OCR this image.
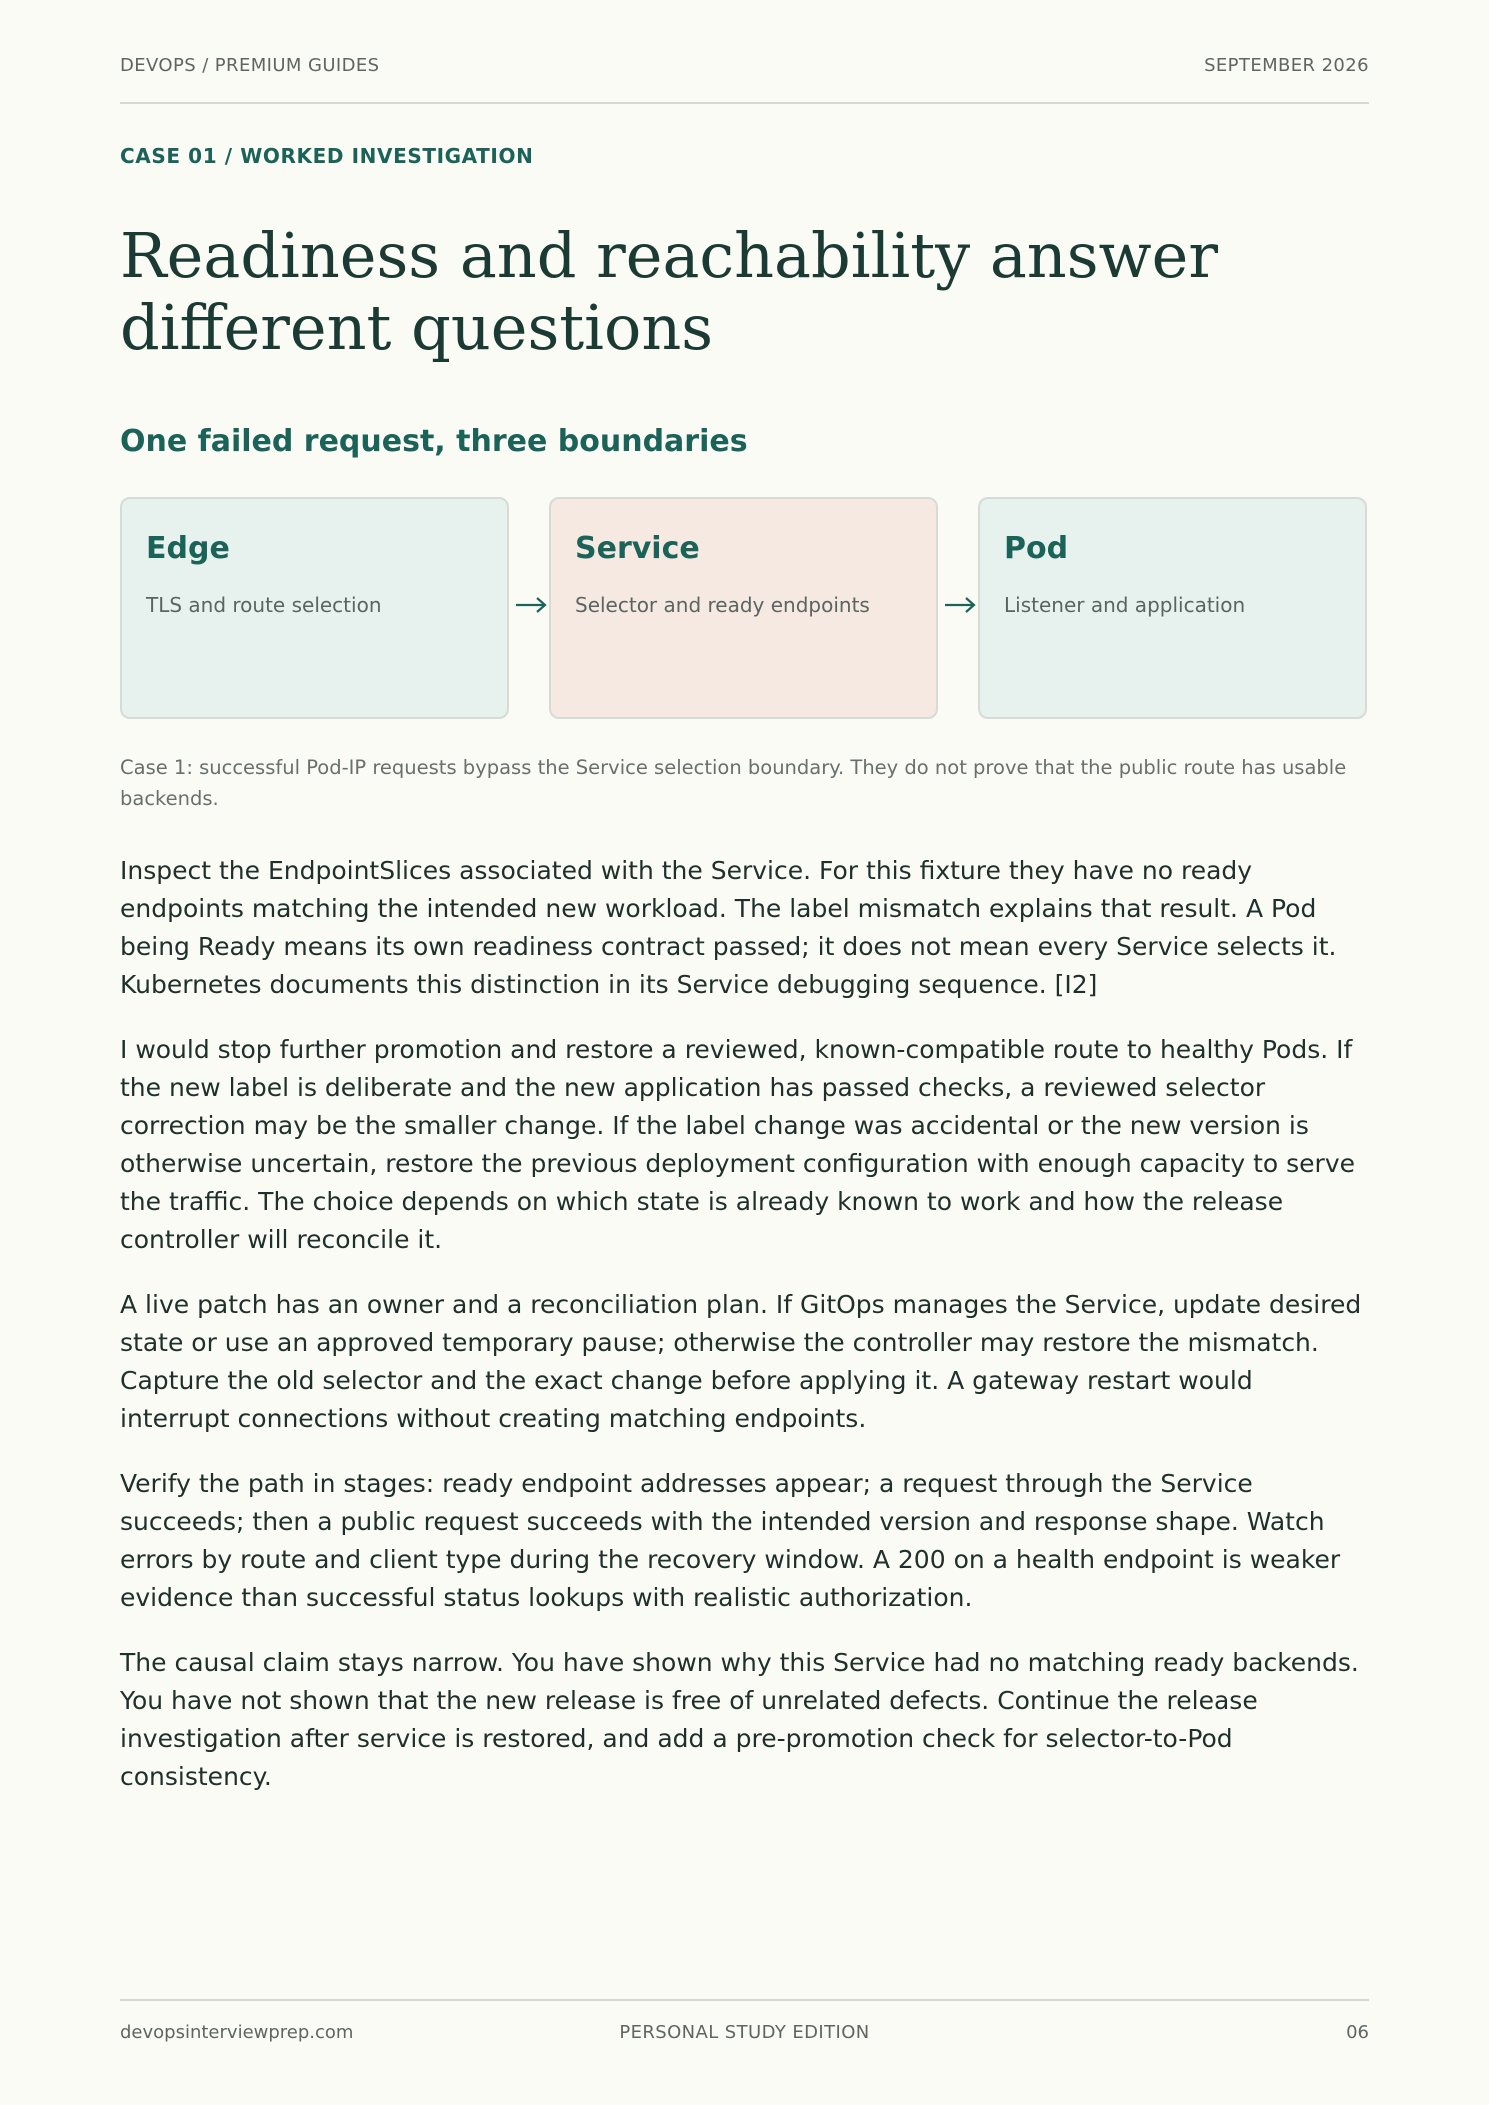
DEVOPS / PREMIUM GUIDES	SEPTEMBER 2026
CASE 01 / WORKED INVESTIGATION
Readiness and reachability answer different questions
One failed request, three boundaries
Edge
TLS and route selection
Service
Selector and ready endpoints
Pod
Listener and application

Case 1: successful Pod-IP requests bypass the Service selection boundary. They do not prove that the public route has usable backends.

Inspect the EndpointSlices associated with the Service. For this fixture they have no ready endpoints matching the intended new workload. The label mismatch explains that result. A Pod being Ready means its own readiness contract passed; it does not mean every Service selects it. Kubernetes documents this distinction in its Service debugging sequence. [I2]

I would stop further promotion and restore a reviewed, known-compatible route to healthy Pods. If the new label is deliberate and the new application has passed checks, a reviewed selector correction may be the smaller change. If the label change was accidental or the new version is otherwise uncertain, restore the previous deployment configuration with enough capacity to serve the traffic. The choice depends on which state is already known to work and how the release controller will reconcile it.

A live patch has an owner and a reconciliation plan. If GitOps manages the Service, update desired state or use an approved temporary pause; otherwise the controller may restore the mismatch. Capture the old selector and the exact change before applying it. A gateway restart would interrupt connections without creating matching endpoints.

Verify the path in stages: ready endpoint addresses appear; a request through the Service succeeds; then a public request succeeds with the intended version and response shape. Watch errors by route and client type during the recovery window. A 200 on a health endpoint is weaker evidence than successful status lookups with realistic authorization.

The causal claim stays narrow. You have shown why this Service had no matching ready backends. You have not shown that the new release is free of unrelated defects. Continue the release investigation after service is restored, and add a pre-promotion check for selector-to-Pod consistency.

devopsinterviewprep.com	PERSONAL STUDY EDITION	06
